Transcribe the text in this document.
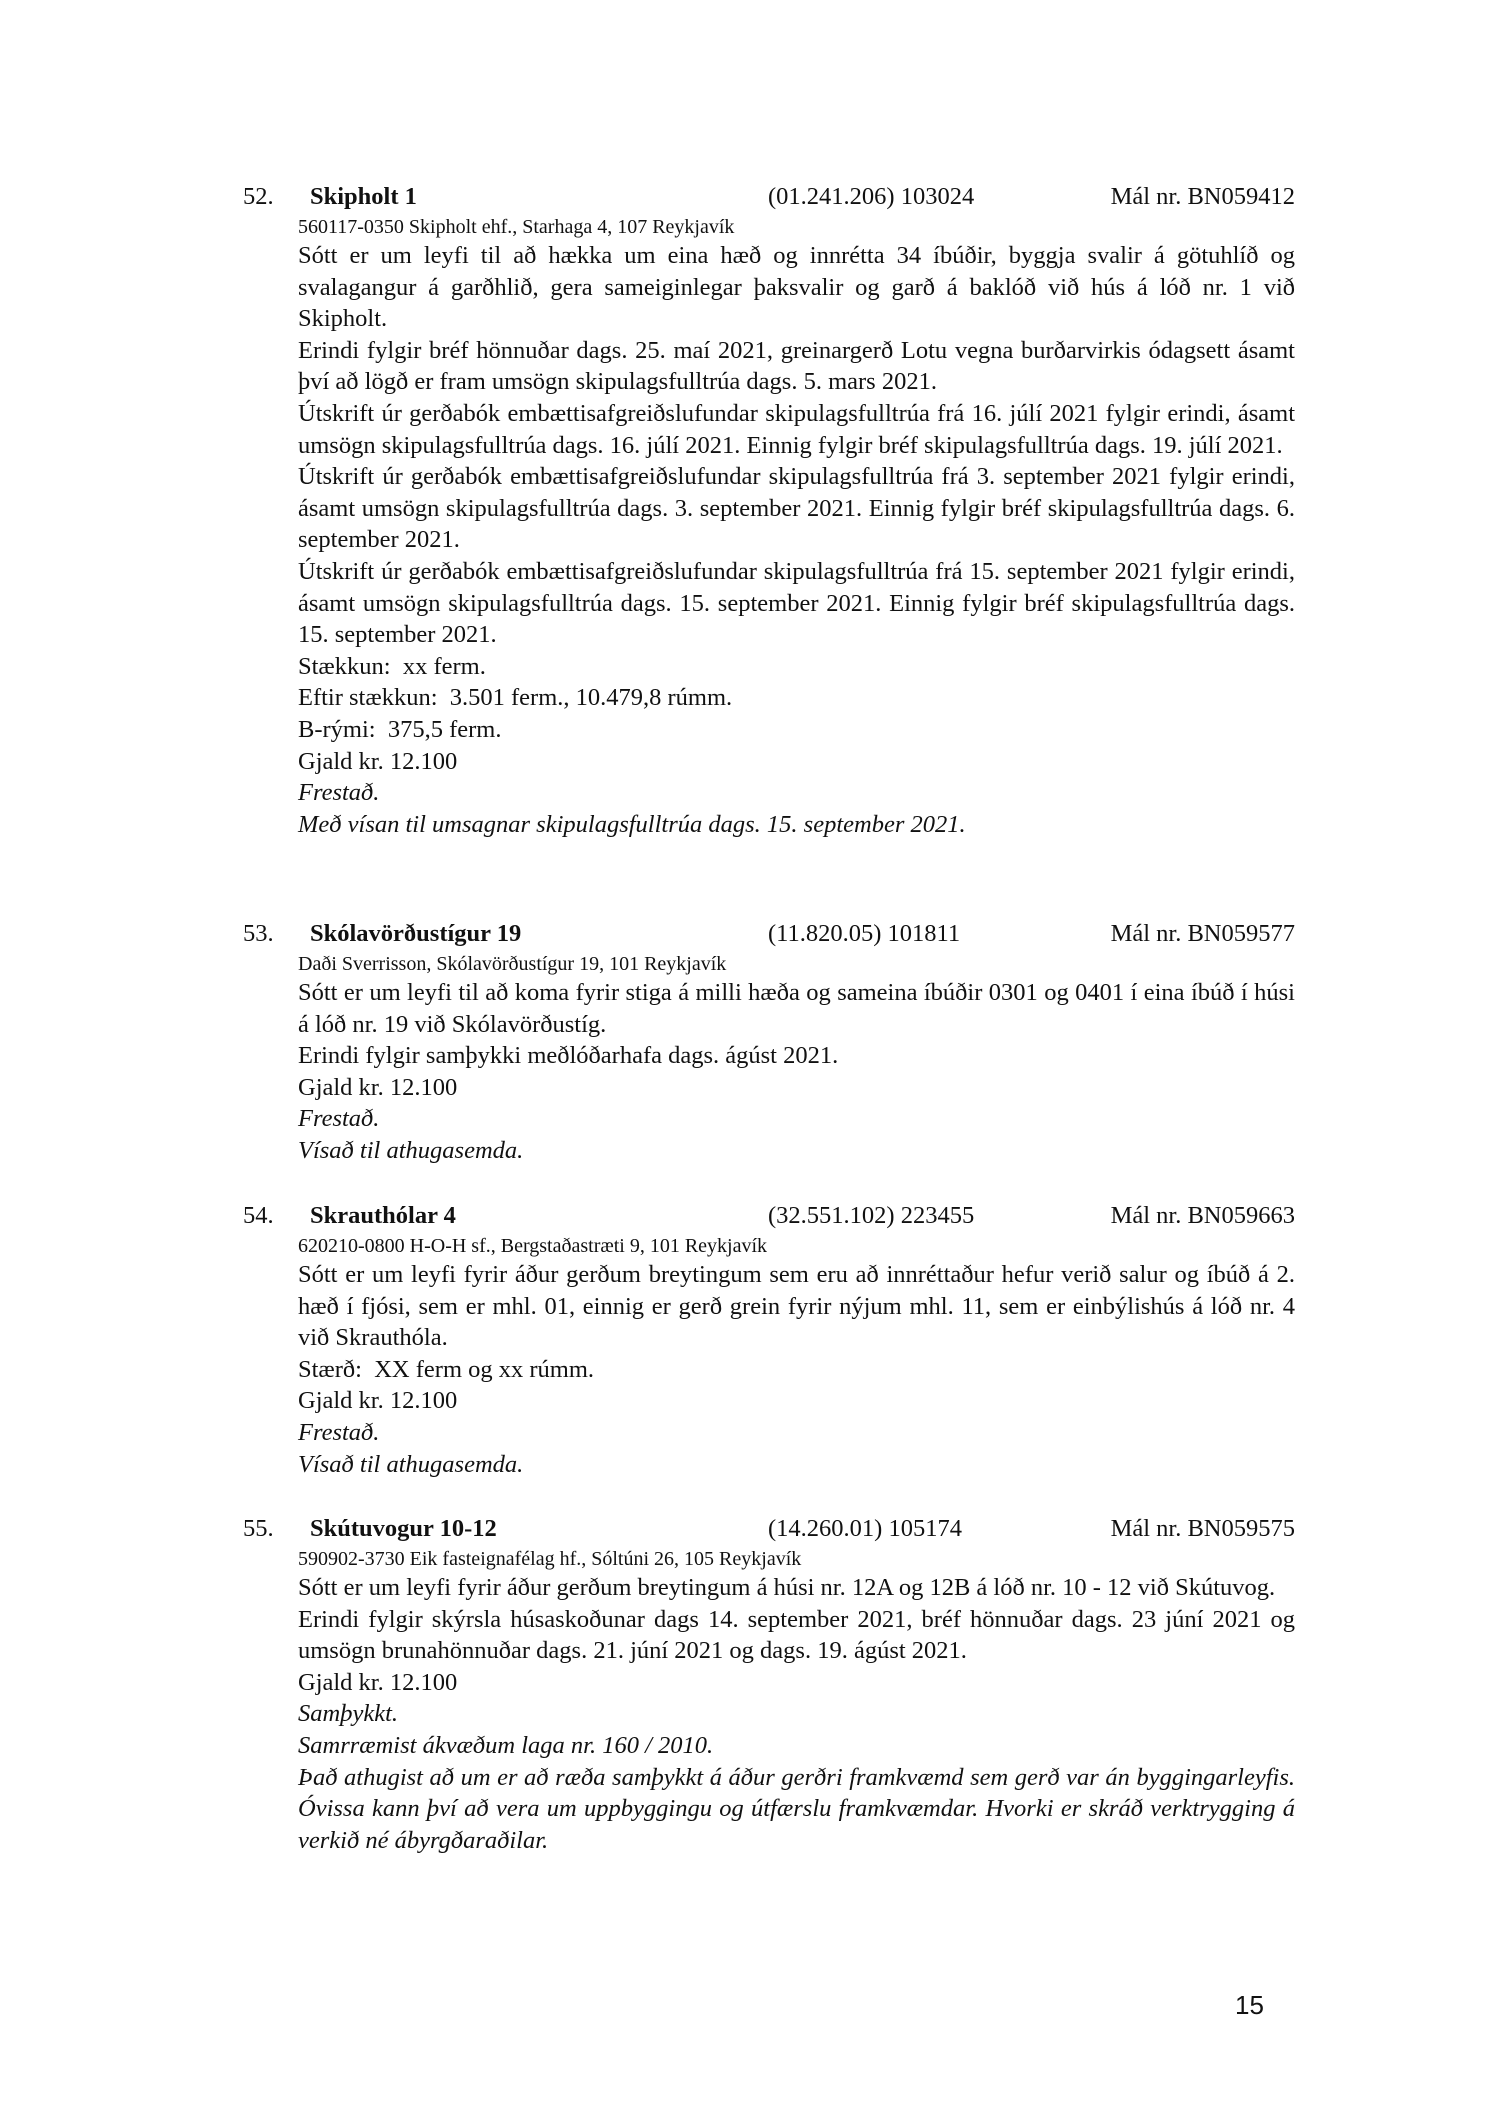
52. Skipholt 1	(01.241.206) 103024	Mál nr. BN059412
560117-0350 Skipholt ehf., Starhaga 4, 107 Reykjavík
Sótt er um leyfi til að hækka um eina hæð og innrétta 34 íbúðir, byggja svalir á götuhlíð og svalagangur á garðhlið, gera sameiginlegar þaksvalir og garð á baklóð við hús á lóð nr. 1 við Skipholt.
Erindi fylgir bréf hönnuðar dags. 25. maí 2021, greinargerð Lotu vegna burðarvirkis ódagsett ásamt því að lögð er fram umsögn skipulagsfulltrúa dags. 5. mars 2021.
Útskrift úr gerðabók embættisafgreiðslufundar skipulagsfulltrúa frá 16. júlí 2021 fylgir erindi, ásamt umsögn skipulagsfulltrúa dags. 16. júlí 2021. Einnig fylgir bréf skipulagsfulltrúa dags. 19. júlí 2021.
Útskrift úr gerðabók embættisafgreiðslufundar skipulagsfulltrúa frá 3. september 2021 fylgir erindi, ásamt umsögn skipulagsfulltrúa dags. 3. september 2021. Einnig fylgir bréf skipulagsfulltrúa dags. 6. september 2021.
Útskrift úr gerðabók embættisafgreiðslufundar skipulagsfulltrúa frá 15. september 2021 fylgir erindi, ásamt umsögn skipulagsfulltrúa dags. 15. september 2021. Einnig fylgir bréf skipulagsfulltrúa dags. 15. september 2021.
Stækkun:  xx ferm.
Eftir stækkun:  3.501 ferm., 10.479,8 rúmm.
B-rými:  375,5 ferm.
Gjald kr. 12.100
Frestað.
Með vísan til umsagnar skipulagsfulltrúa dags. 15. september 2021.
53. Skólavörðustígur 19	(11.820.05) 101811	Mál nr. BN059577
Daði Sverrisson, Skólavörðustígur 19, 101 Reykjavík
Sótt er um leyfi til að koma fyrir stiga á milli hæða og sameina íbúðir 0301 og 0401 í eina íbúð í húsi á lóð nr. 19 við Skólavörðustíg.
Erindi fylgir samþykki meðlóðarhafa dags. ágúst 2021.
Gjald kr. 12.100
Frestað.
Vísað til athugasemda.
54. Skrauthólar 4	(32.551.102) 223455	Mál nr. BN059663
620210-0800 H-O-H sf., Bergstaðastræti 9, 101 Reykjavík
Sótt er um leyfi fyrir áður gerðum breytingum sem eru að innréttaður hefur verið salur og íbúð á 2. hæð í fjósi, sem er mhl. 01, einnig er gerð grein fyrir nýjum mhl. 11, sem er einbýlishús á lóð nr. 4 við Skrauthóla.
Stærð:  XX ferm og xx rúmm.
Gjald kr. 12.100
Frestað.
Vísað til athugasemda.
55. Skútuvogur 10-12	(14.260.01) 105174	Mál nr. BN059575
590902-3730 Eik fasteignafélag hf., Sóltúni 26, 105 Reykjavík
Sótt er um leyfi fyrir áður gerðum breytingum á húsi nr. 12A og 12B á lóð nr. 10 - 12 við Skútuvog.
Erindi fylgir skýrsla húsaskoðunar dags 14. september 2021, bréf hönnuðar dags. 23 júní 2021 og umsögn brunahönnuðar dags. 21. júní 2021 og dags. 19. ágúst 2021.
Gjald kr. 12.100
Samþykkt.
Samrræmist ákvæðum laga nr. 160 / 2010.
Það athugist að um er að ræða samþykkt á áður gerðri framkvæmd sem gerð var án byggingarleyfis. Óvissa kann því að vera um uppbyggingu og útfærslu framkvæmdar. Hvorki er skráð verktrygging á verkið né ábyrgðaraðilar.
15
